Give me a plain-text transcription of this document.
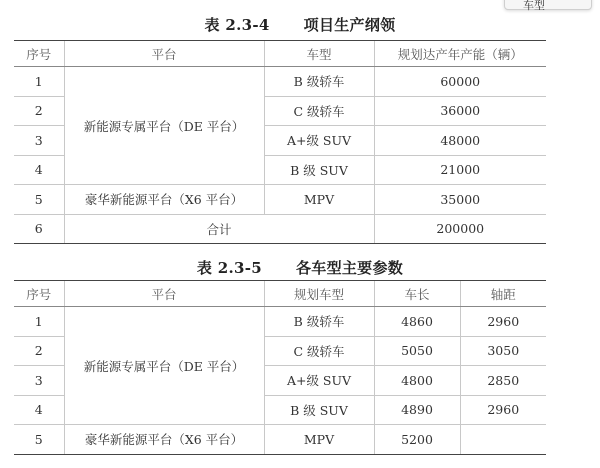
车型
表 2.3-4 项目生产纲领
序号	平台	车型	规划达产年产能（辆）
1	新能源专属平台（DE 平台）	B 级轿车	60000
2		C 级轿车	36000
3		A+级 SUV	48000
4		B 级 SUV	21000
5	豪华新能源平台（X6 平台）	MPV	35000
6	合计		200000
表 2.3-5 各车型主要参数
序号	平台	规划车型	车长	轴距
1	新能源专属平台（DE 平台）	B 级轿车	4860	2960
2		C 级轿车	5050	3050
3		A+级 SUV	4800	2850
4		B 级 SUV	4890	2960
5	豪华新能源平台（X6 平台）	MPV	5200	
